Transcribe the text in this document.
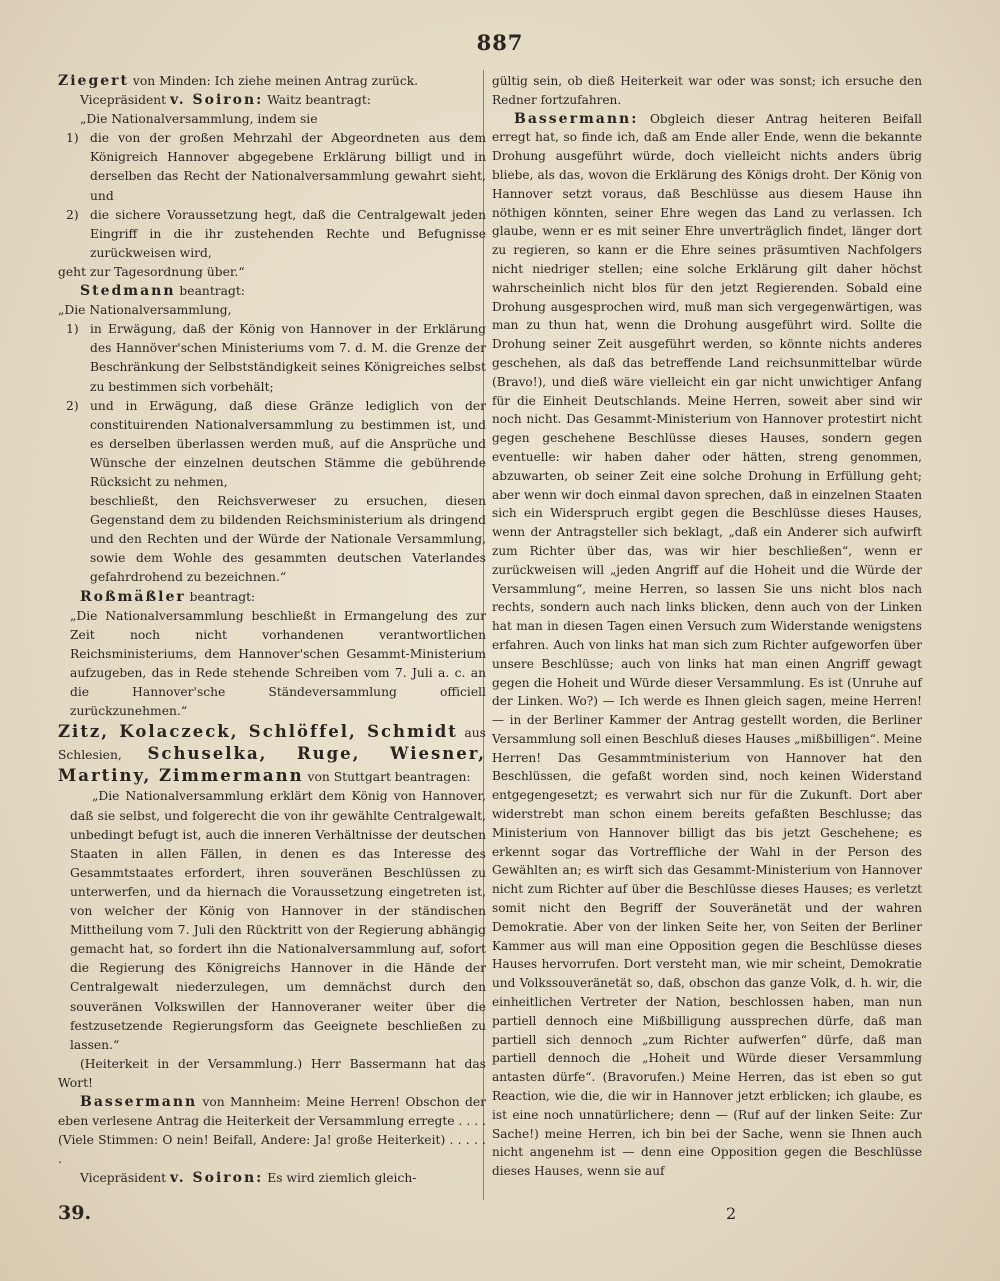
887

Ziegert von Minden: Ich ziehe meinen Antrag zurück.

Vicepräsident v. Soiron: Waitz beantragt:

„Die Nationalversammlung, indem sie

1) die von der großen Mehrzahl der Abgeordneten aus dem Königreich Hannover abgegebene Erklärung billigt und in derselben das Recht der Nationalversammlung gewahrt sieht, und
2) die sichere Voraussetzung hegt, daß die Centralgewalt jeden Eingriff in die ihr zustehenden Rechte und Befugnisse zurückweisen wird,

geht zur Tagesordnung über.“

Stedmann beantragt:

„Die Nationalversammlung,

1) in Erwägung, daß der König von Hannover in der Erklärung des Hannöver'schen Ministeriums vom 7. d. M. die Grenze der Beschränkung der Selbstständigkeit seines Königreiches selbst zu bestimmen sich vorbehält;
2) und in Erwägung, daß diese Gränze lediglich von der constituirenden Nationalversammlung zu bestimmen ist, und es derselben überlassen werden muß, auf die Ansprüche und Wünsche der einzelnen deutschen Stämme die gebührende Rücksicht zu nehmen,

beschließt, den Reichsverweser zu ersuchen, diesen Gegenstand dem zu bildenden Reichsministerium als dringend und den Rechten und der Würde der Nationale Versammlung, sowie dem Wohle des gesammten deutschen Vaterlandes gefahrdrohend zu bezeichnen.“

Roßmäßler beantragt:

„Die Nationalversammlung beschließt in Ermangelung des zur Zeit noch nicht vorhandenen verantwortlichen Reichsministeriums, dem Hannover'schen Gesammt-Ministerium aufzugeben, das in Rede stehende Schreiben vom 7. Juli a. c. an die Hannover'sche Ständeversammlung officiell zurückzunehmen.“

Zitz, Kolaczeck, Schlöffel, Schmidt aus Schlesien, Schuselka, Ruge, Wiesner, Martiny, Zimmermann von Stuttgart beantragen:

„Die Nationalversammlung erklärt dem König von Hannover, daß sie selbst, und folgerecht die von ihr gewählte Centralgewalt, unbedingt befugt ist, auch die inneren Verhältnisse der deutschen Staaten in allen Fällen, in denen es das Interesse des Gesammtstaates erfordert, ihren souveränen Beschlüssen zu unterwerfen, und da hiernach die Voraussetzung eingetreten ist, von welcher der König von Hannover in der ständischen Mittheilung vom 7. Juli den Rücktritt von der Regierung abhängig gemacht hat, so fordert ihn die Nationalversammlung auf, sofort die Regierung des Königreichs Hannover in die Hände der Centralgewalt niederzulegen, um demnächst durch den souveränen Volkswillen der Hannoveraner weiter über die festzusetzende Regierungsform das Geeignete beschließen zu lassen.“

(Heiterkeit in der Versammlung.) Herr Bassermann hat das Wort!

Bassermann von Mannheim: Meine Herren! Obschon der eben verlesene Antrag die Heiterkeit der Versammlung erregte . . . . (Viele Stimmen: O nein! Beifall, Andere: Ja! große Heiterkeit) . . . . . .

Vicepräsident v. Soiron: Es wird ziemlich gleich-

gültig sein, ob dieß Heiterkeit war oder was sonst; ich ersuche den Redner fortzufahren.

Bassermann: Obgleich dieser Antrag heiteren Beifall erregt hat, so finde ich, daß am Ende aller Ende, wenn die bekannte Drohung ausgeführt würde, doch vielleicht nichts anders übrig bliebe, als das, wovon die Erklärung des Königs droht. Der König von Hannover setzt voraus, daß Beschlüsse aus diesem Hause ihn nöthigen könnten, seiner Ehre wegen das Land zu verlassen. Ich glaube, wenn er es mit seiner Ehre unverträglich findet, länger dort zu regieren, so kann er die Ehre seines präsumtiven Nachfolgers nicht niedriger stellen; eine solche Erklärung gilt daher höchst wahrscheinlich nicht blos für den jetzt Regierenden. Sobald eine Drohung ausgesprochen wird, muß man sich vergegenwärtigen, was man zu thun hat, wenn die Drohung ausgeführt wird. Sollte die Drohung seiner Zeit ausgeführt werden, so könnte nichts anderes geschehen, als daß das betreffende Land reichsunmittelbar würde (Bravo!), und dieß wäre vielleicht ein gar nicht unwichtiger Anfang für die Einheit Deutschlands. Meine Herren, soweit aber sind wir noch nicht. Das Gesammt-Ministerium von Hannover protestirt nicht gegen geschehene Beschlüsse dieses Hauses, sondern gegen eventuelle: wir haben daher oder hätten, streng genommen, abzuwarten, ob seiner Zeit eine solche Drohung in Erfüllung geht; aber wenn wir doch einmal davon sprechen, daß in einzelnen Staaten sich ein Widerspruch ergibt gegen die Beschlüsse dieses Hauses, wenn der Antragsteller sich beklagt, „daß ein Anderer sich aufwirft zum Richter über das, was wir hier beschließen“, wenn er zurückweisen will „jeden Angriff auf die Hoheit und die Würde der Versammlung“, meine Herren, so lassen Sie uns nicht blos nach rechts, sondern auch nach links blicken, denn auch von der Linken hat man in diesen Tagen einen Versuch zum Widerstande wenigstens erfahren. Auch von links hat man sich zum Richter aufgeworfen über unsere Beschlüsse; auch von links hat man einen Angriff gewagt gegen die Hoheit und Würde dieser Versammlung. Es ist (Unruhe auf der Linken. Wo?) — Ich werde es Ihnen gleich sagen, meine Herren! — in der Berliner Kammer der Antrag gestellt worden, die Berliner Versammlung soll einen Beschluß dieses Hauses „mißbilligen“. Meine Herren! Das Gesammtministerium von Hannover hat den Beschlüssen, die gefaßt worden sind, noch keinen Widerstand entgegengesetzt; es verwahrt sich nur für die Zukunft. Dort aber widerstrebt man schon einem bereits gefaßten Beschlusse; das Ministerium von Hannover billigt das bis jetzt Geschehene; es erkennt sogar das Vortreffliche der Wahl in der Person des Gewählten an; es wirft sich das Gesammt-Ministerium von Hannover nicht zum Richter auf über die Beschlüsse dieses Hauses; es verletzt somit nicht den Begriff der Souveränetät und der wahren Demokratie. Aber von der linken Seite her, von Seiten der Berliner Kammer aus will man eine Opposition gegen die Beschlüsse dieses Hauses hervorrufen. Dort versteht man, wie mir scheint, Demokratie und Volkssouveränetät so, daß, obschon das ganze Volk, d. h. wir, die einheitlichen Vertreter der Nation, beschlossen haben, man nun partiell dennoch eine Mißbilligung aussprechen dürfe, daß man partiell sich dennoch „zum Richter aufwerfen“ dürfe, daß man partiell dennoch die „Hoheit und Würde dieser Versammlung antasten dürfe“. (Bravorufen.) Meine Herren, das ist eben so gut Reaction, wie die, die wir in Hannover jetzt erblicken; ich glaube, es ist eine noch unnatürlichere; denn — (Ruf auf der linken Seite: Zur Sache!) meine Herren, ich bin bei der Sache, wenn sie Ihnen auch nicht angenehm ist — denn eine Opposition gegen die Beschlüsse dieses Hauses, wenn sie auf

39.	2
